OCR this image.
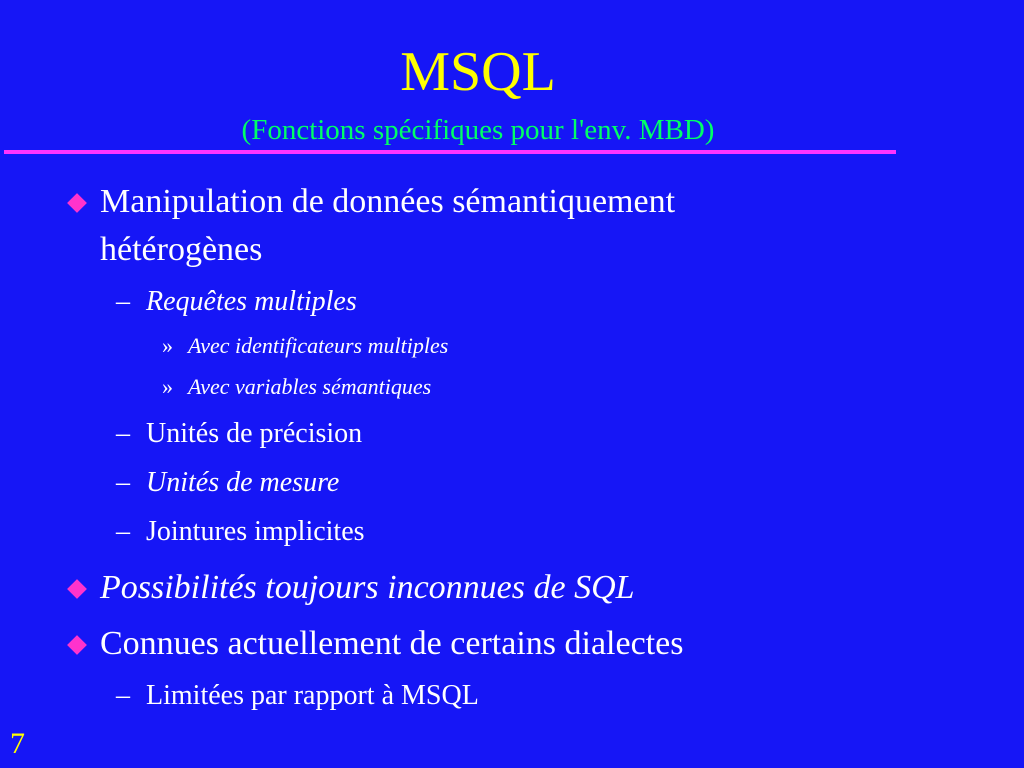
MSQL
(Fonctions spécifiques pour l'env. MBD)
Manipulation de données sémantiquement
hétérogènes
– Requêtes multiples
» Avec identificateurs multiples
» Avec variables sémantiques
– Unités de précision
– Unités de mesure
– Jointures implicites
Possibilités toujours inconnues de SQL
Connues actuellement de certains dialectes
– Limitées par rapport à MSQL
7
